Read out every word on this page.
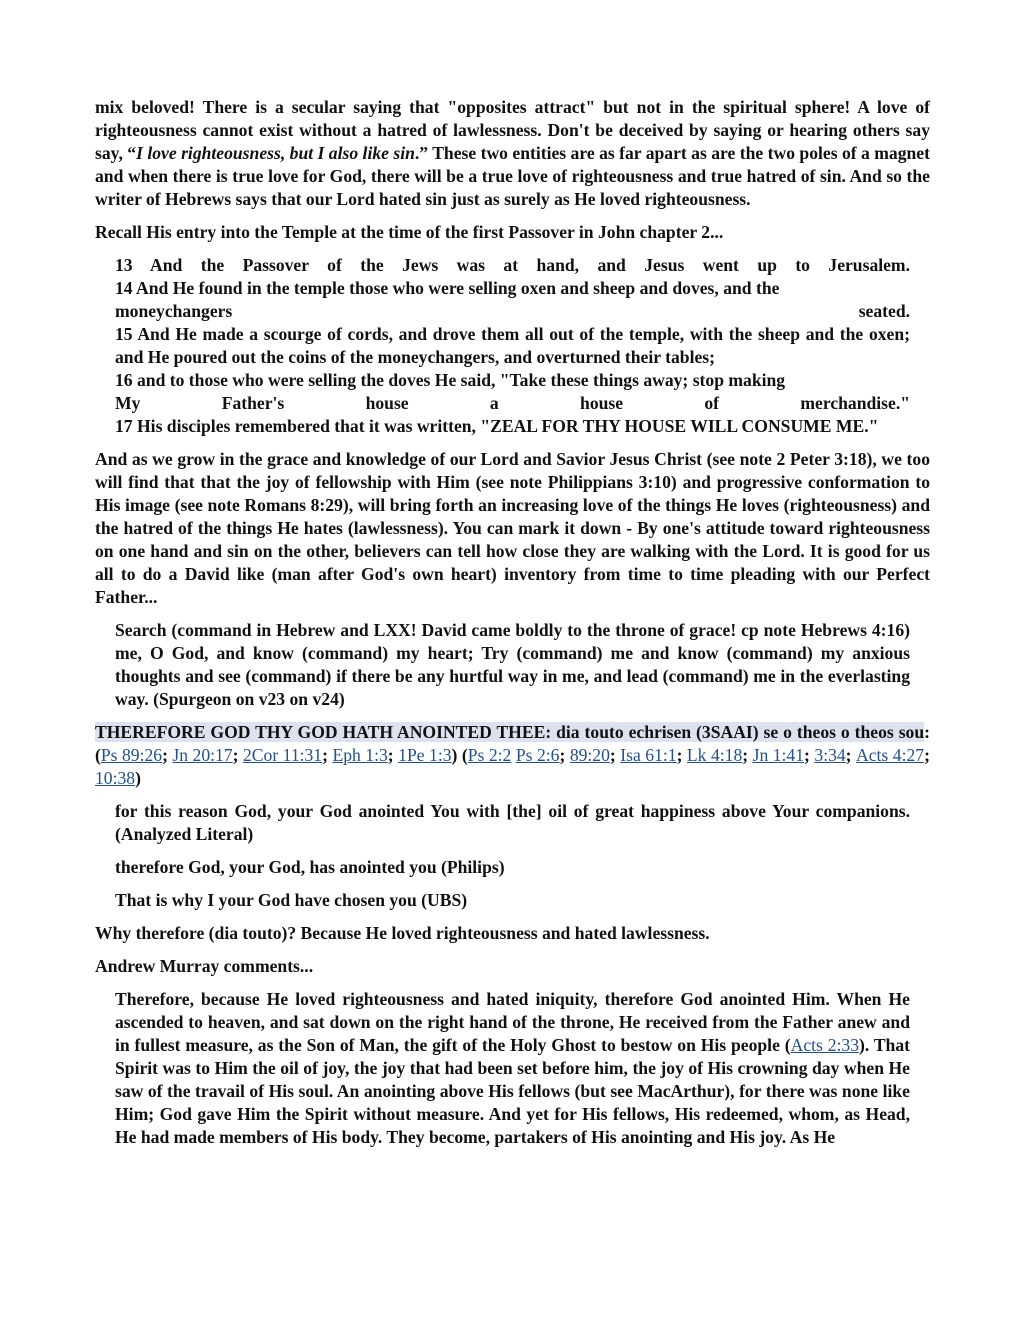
mix beloved! There is a secular saying that "opposites attract" but not in the spiritual sphere! A love of righteousness cannot exist without a hatred of lawlessness. Don't be deceived by saying or hearing others say say, “I love righteousness, but I also like sin.” These two entities are as far apart as are the two poles of a magnet and when there is true love for God, there will be a true love of righteousness and true hatred of sin. And so the writer of Hebrews says that our Lord hated sin just as surely as He loved righteousness.

Recall His entry into the Temple at the time of the first Passover in John chapter 2...

13 And the Passover of the Jews was at hand, and Jesus went up to Jerusalem.

14 And He found in the temple those who were selling oxen and sheep and doves, and the

moneychangers seated.

15 And He made a scourge of cords, and drove them all out of the temple, with the sheep and the oxen; and He poured out the coins of the moneychangers, and overturned their tables;

16 and to those who were selling the doves He said, "Take these things away; stop making

My Father's house a house of merchandise."

17 His disciples remembered that it was written, "ZEAL FOR THY HOUSE WILL CONSUME ME."

And as we grow in the grace and knowledge of our Lord and Savior Jesus Christ (see note 2 Peter 3:18), we too will find that that the joy of fellowship with Him (see note Philippians 3:10) and progressive conformation to His image (see note Romans 8:29), will bring forth an increasing love of the things He loves (righteousness) and the hatred of the things He hates (lawlessness). You can mark it down - By one's attitude toward righteousness on one hand and sin on the other, believers can tell how close they are walking with the Lord. It is good for us all to do a David like (man after God's own heart) inventory from time to time pleading with our Perfect Father...

Search (command in Hebrew and LXX! David came boldly to the throne of grace! cp note Hebrews 4:16) me, O God, and know (command) my heart; Try (command) me and know (command) my anxious thoughts and see (command) if there be any hurtful way in me, and lead (command) me in the everlasting way. (Spurgeon on v23 on v24)

THEREFORE GOD THY GOD HATH ANOINTED THEE: dia touto echrisen (3SAAI) se o theos o theos sou: (Ps 89:26; Jn 20:17; 2Cor 11:31; Eph 1:3; 1Pe 1:3) (Ps 2:2 Ps 2:6; 89:20; Isa 61:1; Lk 4:18; Jn 1:41; 3:34; Acts 4:27; 10:38)

for this reason God, your God anointed You with [the] oil of great happiness above Your companions. (Analyzed Literal)

therefore God, your God, has anointed you (Philips)

That is why I your God have chosen you (UBS)

Why therefore (dia touto)? Because He loved righteousness and hated lawlessness.

Andrew Murray comments...

Therefore, because He loved righteousness and hated iniquity, therefore God anointed Him. When He ascended to heaven, and sat down on the right hand of the throne, He received from the Father anew and in fullest measure, as the Son of Man, the gift of the Holy Ghost to bestow on His people (Acts 2:33). That Spirit was to Him the oil of joy, the joy that had been set before him, the joy of His crowning day when He saw of the travail of His soul. An anointing above His fellows (but see MacArthur), for there was none like Him; God gave Him the Spirit without measure. And yet for His fellows, His redeemed, whom, as Head, He had made members of His body. They become, partakers of His anointing and His joy. As He
